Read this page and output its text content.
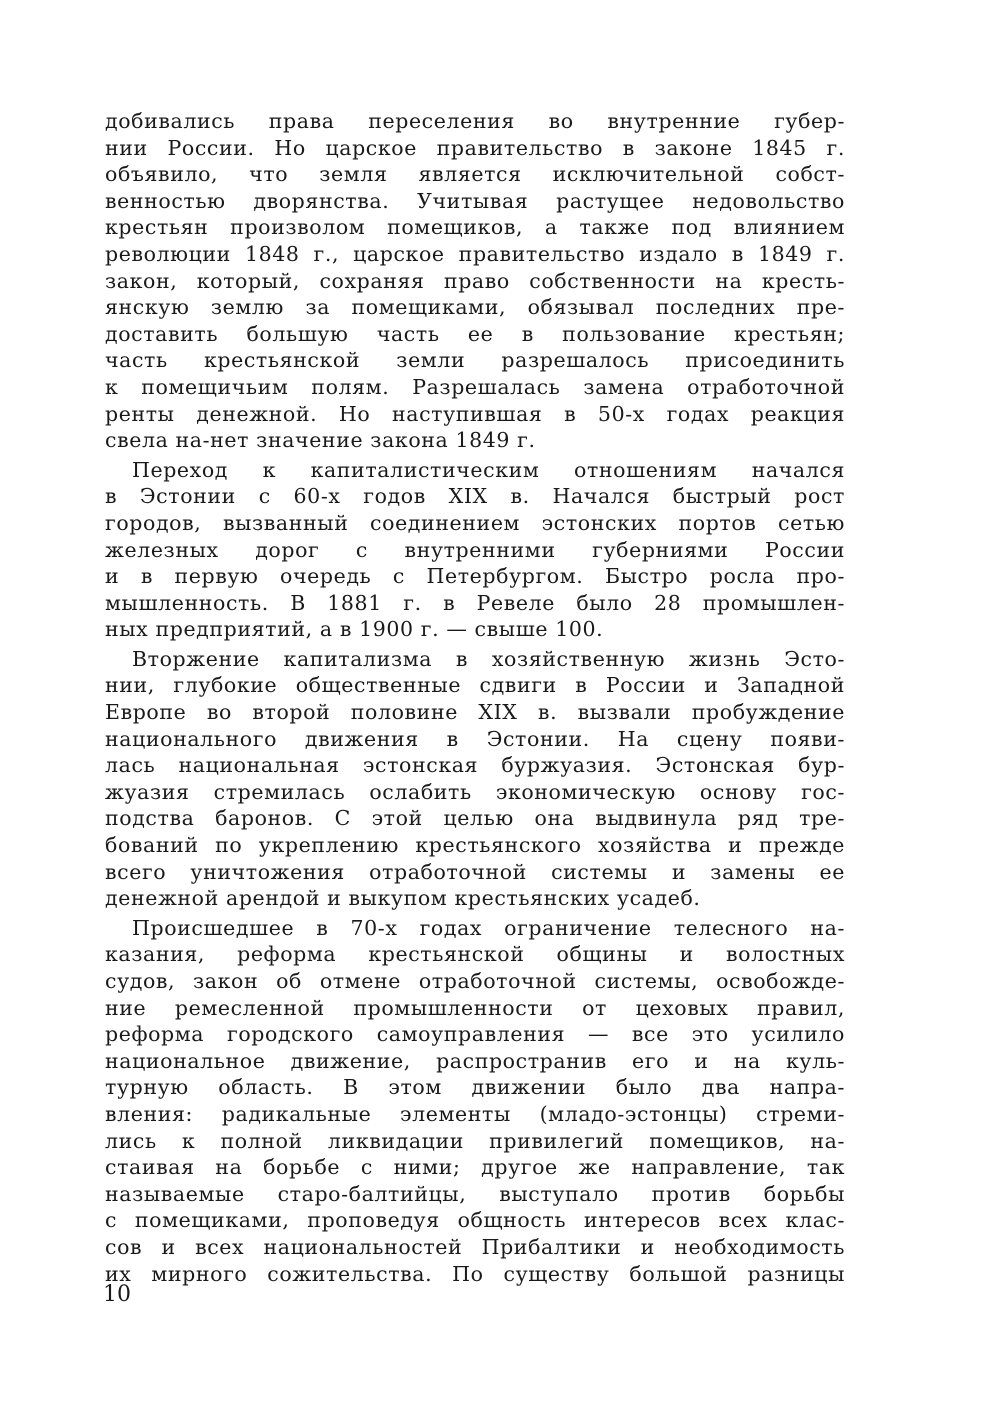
добивались права переселения во внутренние губер-
нии России. Но царское правительство в законе 1845 г.
объявило, что земля является исключительной собст-
венностью дворянства. Учитывая растущее недовольство
крестьян произволом помещиков, а также под влиянием
революции 1848 г., царское правительство издало в 1849 г.
закон, который, сохраняя право собственности на кресть-
янскую землю за помещиками, обязывал последних пре-
доставить большую часть ее в пользование крестьян;
часть крестьянской земли разрешалось присоединить
к помещичьим полям. Разрешалась замена отработочной
ренты денежной. Но наступившая в 50-х годах реакция
свела на-нет значение закона 1849 г.
Переход к капиталистическим отношениям начался
в Эстонии с 60-х годов XIX в. Начался быстрый рост
городов, вызванный соединением эстонских портов сетью
железных дорог с внутренними губерниями России
и в первую очередь с Петербургом. Быстро росла про-
мышленность. В 1881 г. в Ревеле было 28 промышлен-
ных предприятий, а в 1900 г. — свыше 100.
Вторжение капитализма в хозяйственную жизнь Эсто-
нии, глубокие общественные сдвиги в России и Западной
Европе во второй половине XIX в. вызвали пробуждение
национального движения в Эстонии. На сцену появи-
лась национальная эстонская буржуазия. Эстонская бур-
жуазия стремилась ослабить экономическую основу гос-
подства баронов. С этой целью она выдвинула ряд тре-
бований по укреплению крестьянского хозяйства и прежде
всего уничтожения отработочной системы и замены ее
денежной арендой и выкупом крестьянских усадеб.
Происшедшее в 70-х годах ограничение телесного на-
казания, реформа крестьянской общины и волостных
судов, закон об отмене отработочной системы, освобожде-
ние ремесленной промышленности от цеховых правил,
реформа городского самоуправления — все это усилило
национальное движение, распространив его и на куль-
турную область. В этом движении было два напра-
вления: радикальные элементы (младо-эстонцы) стреми-
лись к полной ликвидации привилегий помещиков, на-
стаивая на борьбе с ними; другое же направление, так
называемые старо-балтийцы, выступало против борьбы
с помещиками, проповедуя общность интересов всех клас-
сов и всех национальностей Прибалтики и необходимость
их мирного сожительства. По существу большой разницы
10
